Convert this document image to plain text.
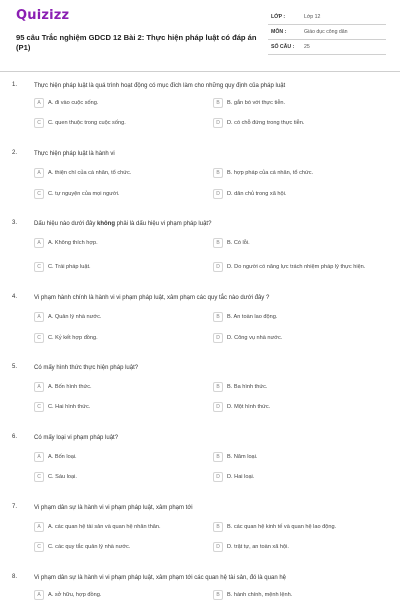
Quizizz
95 câu Trắc nghiệm GDCD 12 Bài 2: Thực hiện pháp luật có đáp án (P1)
LỚP :	Lớp 12
MÔN :	Giáo dục công dân
SỐ CÂU :	25
1.	Thực hiện pháp luật là quá trình hoạt động có mục đích làm cho những quy định của pháp luật
A	A. đi vào cuộc sống.	B	B. gắn bó với thực tiễn.
C	C. quen thuộc trong cuộc sống.	D	D. có chỗ đứng trong thực tiễn.
2.	Thực hiện pháp luật là hành vi
A	A. thiện chí của cá nhân, tổ chức.	B	B. hợp pháp của cá nhân, tổ chức.
C	C. tự nguyện của mọi người.	D	D. dân chủ trong xã hội.
3.	Dấu hiệu nào dưới đây không phải là dấu hiệu vi phạm pháp luật?
A	A. Không thích hợp.	B	B. Có lỗi.
C	C. Trái pháp luật.	D	D. Do người có năng lực trách nhiệm pháp lý thực hiện.
4.	Vi phạm hành chính là hành vi vi phạm pháp luật, xâm phạm các quy tắc nào dưới đây ?
A	A. Quản lý nhà nước.	B	B. An toàn lao động.
C	C. Kỷ kết hợp đồng.	D	D. Công vụ nhà nước.
5.	Có mấy hình thức thực hiện pháp luật?
A	A. Bốn hình thức.	B	B. Ba hình thức.
C	C. Hai hình thức.	D	D. Một hình thức.
6.	Có mấy loại vi phạm pháp luật?
A	A. Bốn loại.	B	B. Năm loại.
C	C. Sáu loại.	D	D. Hai loại.
7.	Vi phạm dân sự là hành vi vi phạm pháp luật, xâm phạm tới
A	A. các quan hệ tài sản và quan hệ nhân thân.	B	B. các quan hệ kinh tế và quan hệ lao động.
C	C. các quy tắc quản lý nhà nước.	D	D. trật tự, an toàn xã hội.
8.	Vi phạm dân sự là hành vi vi phạm pháp luật, xâm phạm tới các quan hệ tài sản, đó là quan hệ
A	A. sở hữu, hợp đồng.	B	B. hành chính, mệnh lệnh.
